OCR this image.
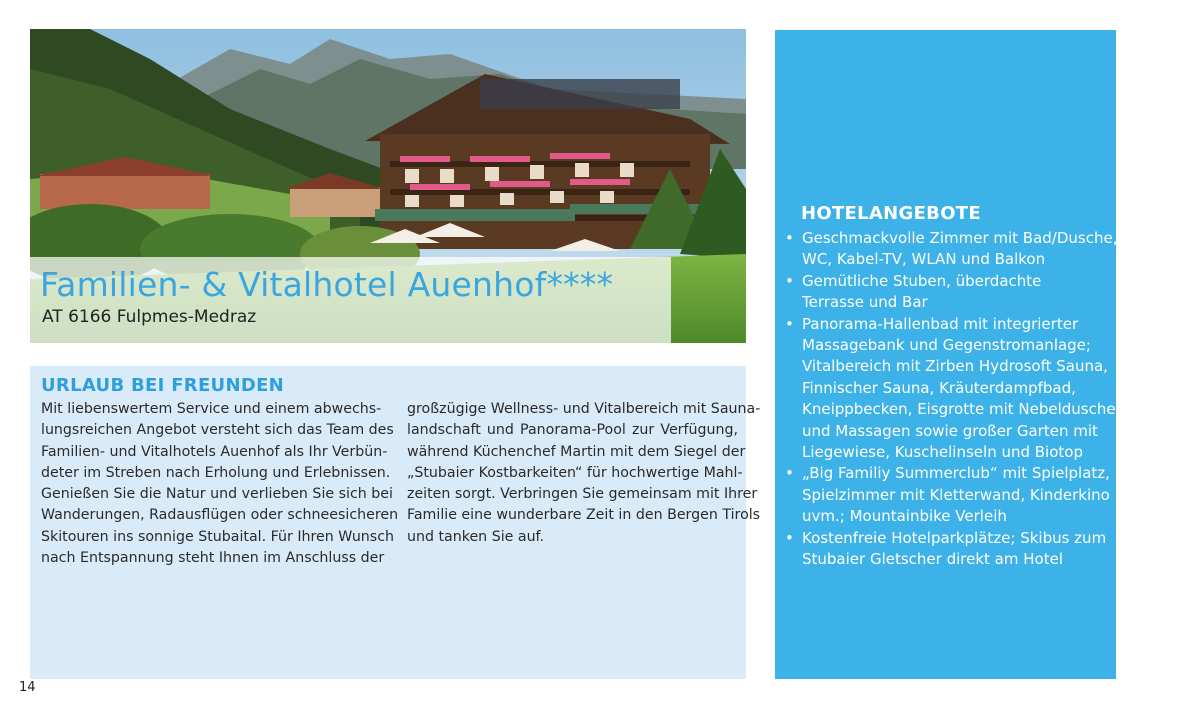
Familien- & Vitalhotel Auenhof****
AT 6166 Fulpmes-Medraz
URLAUB BEI FREUNDEN
Mit liebenswertem Service und einem abwechs-
lungsreichen Angebot versteht sich das Team des
Familien- und Vitalhotels Auenhof als Ihr Verbün-
deter im Streben nach Erholung und Erlebnissen.
Genießen Sie die Natur und verlieben Sie sich bei
Wanderungen, Radausflügen oder schneesicheren
Skitouren ins sonnige Stubaital. Für Ihren Wunsch
nach Entspannung steht Ihnen im Anschluss der
großzügige Wellness- und Vitalbereich mit Sauna-
landschaft und Panorama-Pool zur Verfügung,
während Küchenchef Martin mit dem Siegel der
„Stubaier Kostbarkeiten“ für hochwertige Mahl-
zeiten sorgt. Verbringen Sie gemeinsam mit Ihrer
Familie eine wunderbare Zeit in den Bergen Tirols
und tanken Sie auf.
HOTELANGEBOTE
• Geschmackvolle Zimmer mit Bad/Dusche,
WC, Kabel-TV, WLAN und Balkon
• Gemütliche Stuben, überdachte
Terrasse und Bar
• Panorama-Hallenbad mit integrierter
Massagebank und Gegenstromanlage;
Vitalbereich mit Zirben Hydrosoft Sauna,
Finnischer Sauna, Kräuterdampfbad,
Kneippbecken, Eisgrotte mit Nebeldusche
und Massagen sowie großer Garten mit
Liegewiese, Kuschelinseln und Biotop
• „Big Familiy Summerclub“ mit Spielplatz,
Spielzimmer mit Kletterwand, Kinderkino
uvm.; Mountainbike Verleih
• Kostenfreie Hotelparkplätze; Skibus zum
Stubaier Gletscher direkt am Hotel
14
